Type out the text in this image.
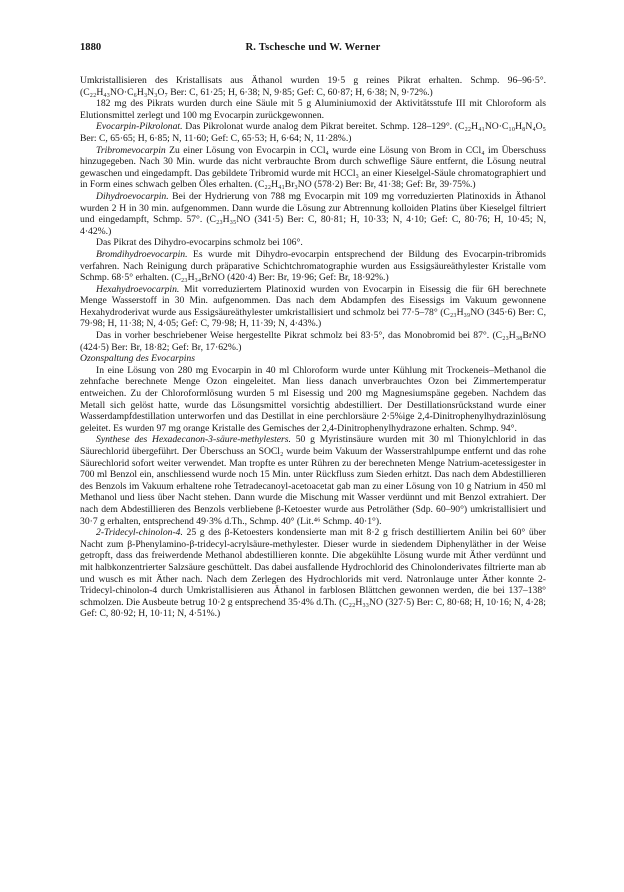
1880	R. Tschesche und W. Werner

Umkristallisieren des Kristallisats aus Äthanol wurden 19·5 g reines Pikrat erhalten. Schmp. 96–96·5°. (C₂₂H₄₃NO·C₆H₃N₃O₇ Ber: C, 61·25; H, 6·38; N, 9·85; Gef: C, 60·87; H, 6·38; N, 9·72%.)

182 mg des Pikrats wurden durch eine Säule mit 5 g Aluminiumoxid der Aktivitätsstufe III mit Chloroform als Elutionsmittel zerlegt und 100 mg Evocarpin zurückgewonnen.

Evocarpin-Pikrolonat. Das Pikrolonat wurde analog dem Pikrat bereitet. Schmp. 128–129°. (C₂₂H₄₁NO·C₁₀H₈N₄O₅ Ber: C, 65·65; H, 6·85; N, 11·60; Gef: C, 65·53; H, 6·64; N, 11·28%.)

Tribromevocarpin Zu einer Lösung von Evocarpin in CCl₄ wurde eine Lösung von Brom in CCl₄ im Überschuss hinzugegeben. Nach 30 Min. wurde das nicht verbrauchte Brom durch schweflige Säure entfernt, die Lösung neutral gewaschen und eingedampft. Das gebildete Tribromid wurde mit HCCl₃ an einer Kieselgel-Säule chromatographiert und in Form eines schwach gelben Öles erhalten. (C₂₂H₄₁Br₃NO (578·2) Ber: Br, 41·38; Gef: Br, 39·75%.)

Dihydroevocarpin. Bei der Hydrierung von 788 mg Evocarpin mit 109 mg vorreduzierten Platinoxids in Äthanol wurden 2 H in 30 min. aufgenommen. Dann wurde die Lösung zur Abtrennung kolloiden Platins über Kieselgel filtriert und eingedampft, Schmp. 57°. (C₂₃H₃₅NO (341·5) Ber: C, 80·81; H, 10·33; N, 4·10; Gef: C, 80·76; H, 10·45; N, 4·42%.)

Das Pikrat des Dihydro-evocarpins schmolz bei 106°.

Bromdihydroevocarpin. Es wurde mit Dihydro-evocarpin entsprechend der Bildung des Evocarpin-tribromids verfahren. Nach Reinigung durch präparative Schichtchromatographie wurden aus Essigsäureäthylester Kristalle vom Schmp. 68·5° erhalten. (C₂₃H₃₄BrNO (420·4) Ber: Br, 19·96; Gef: Br, 18·92%.)

Hexahydroevocarpin. Mit vorreduziertem Platinoxid wurden von Evocarpin in Eisessig die für 6H berechnete Menge Wasserstoff in 30 Min. aufgenommen. Das nach dem Abdampfen des Eisessigs im Vakuum gewonnene Hexahydroderivat wurde aus Essigsäureäthylester umkristallisiert und schmolz bei 77·5–78° (C₂₃H₃₉NO (345·6) Ber: C, 79·98; H, 11·38; N, 4·05; Gef: C, 79·98; H, 11·39; N, 4·43%.)

Das in vorher beschriebener Weise hergestellte Pikrat schmolz bei 83·5°, das Monobromid bei 87°. (C₂₃H₃₈BrNO (424·5) Ber: Br, 18·82; Gef: Br, 17·62%.)

Ozonspaltung des Evocarpins

In eine Lösung von 280 mg Evocarpin in 40 ml Chloroform wurde unter Kühlung mit Trockeneis–Methanol die zehnfache berechnete Menge Ozon eingeleitet. Man liess danach unverbrauchtes Ozon bei Zimmertemperatur entweichen. Zu der Chloroformlösung wurden 5 ml Eisessig und 200 mg Magnesiumspäne gegeben. Nachdem das Metall sich gelöst hatte, wurde das Lösungsmittel vorsichtig abdestilliert. Der Destillationsrückstand wurde einer Wasserdampfdestillation unterworfen und das Destillat in eine perchlorsäure 2·5%ige 2,4-Dinitrophenylhydrazinlösung geleitet. Es wurden 97 mg orange Kristalle des Gemisches der 2,4-Dinitrophenylhydrazone erhalten. Schmp. 94°.

Synthese des Hexadecanon-3-säure-methylesters. 50 g Myristinsäure wurden mit 30 ml Thionylchlorid in das Säurechlorid übergeführt. Der Überschuss an SOCl₂ wurde beim Vakuum der Wasserstrahlpumpe entfernt und das rohe Säurechlorid sofort weiter verwendet. Man tropfte es unter Rühren zu der berechneten Menge Natrium-acetessigester in 700 ml Benzol ein, anschliessend wurde noch 15 Min. unter Rückfluss zum Sieden erhitzt. Das nach dem Abdestillieren des Benzols im Vakuum erhaltene rohe Tetradecanoyl-acetoacetat gab man zu einer Lösung von 10 g Natrium in 450 ml Methanol und liess über Nacht stehen. Dann wurde die Mischung mit Wasser verdünnt und mit Benzol extrahiert. Der nach dem Abdestillieren des Benzols verbliebene β-Ketoester wurde aus Petroläther (Sdp. 60–90°) umkristallisiert und 30·7 g erhalten, entsprechend 49·3% d.Th., Schmp. 40° (Lit.⁴⁶ Schmp. 40·1°).

2-Tridecyl-chinolon-4. 25 g des β-Ketoesters kondensierte man mit 8·2 g frisch destilliertem Anilin bei 60° über Nacht zum β-Phenylamino-β-tridecyl-acrylsäure-methylester. Dieser wurde in siedendem Diphenyläther in der Weise getropft, dass das freiwerdende Methanol abdestillieren konnte. Die abgekühlte Lösung wurde mit Äther verdünnt und mit halbkonzentrierter Salzsäure geschüttelt. Das dabei ausfallende Hydrochlorid des Chinolonderivates filtrierte man ab und wusch es mit Äther nach. Nach dem Zerlegen des Hydrochlorids mit verd. Natronlauge unter Äther konnte 2-Tridecyl-chinolon-4 durch Umkristallisieren aus Äthanol in farblosen Blättchen gewonnen werden, die bei 137–138° schmolzen. Die Ausbeute betrug 10·2 g entsprechend 35·4% d.Th. (C₂₂H₃₃NO (327·5) Ber: C, 80·68; H, 10·16; N, 4·28; Gef: C, 80·92; H, 10·11; N, 4·51%.)
